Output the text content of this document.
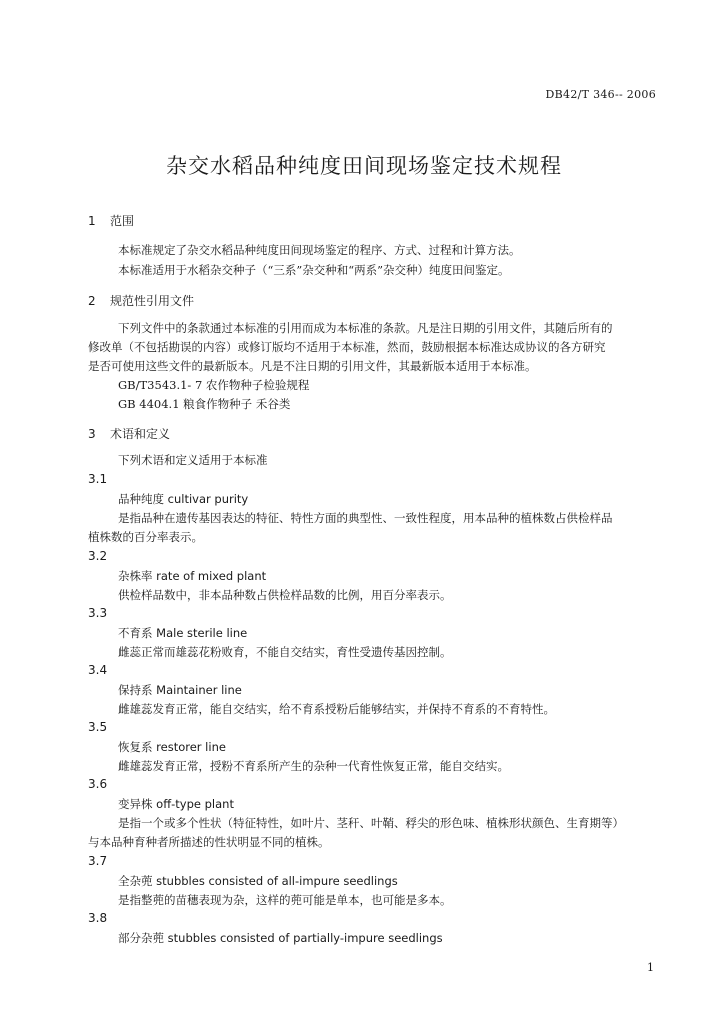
DB42/T 346-- 2006
杂交水稻品种纯度田间现场鉴定技术规程
1 范围
本标准规定了杂交水稻品种纯度田间现场鉴定的程序、方式、过程和计算方法。
本标准适用于水稻杂交种子（“三系”杂交种和“两系”杂交种）纯度田间鉴定。
2 规范性引用文件
下列文件中的条款通过本标准的引用而成为本标准的条款。凡是注日期的引用文件，其随后所有的
修改单（不包括勘误的内容）或修订版均不适用于本标准，然而，鼓励根据本标准达成协议的各方研究
是否可使用这些文件的最新版本。凡是不注日期的引用文件，其最新版本适用于本标准。
GB/T3543.1- 7 农作物种子检验规程
GB 4404.1 粮食作物种子 禾谷类
3 术语和定义
下列术语和定义适用于本标准
3.1
品种纯度 cultivar purity
是指品种在遗传基因表达的特征、特性方面的典型性、一致性程度，用本品种的植株数占供检样品
植株数的百分率表示。
3.2
杂株率 rate of mixed plant
供检样品数中，非本品种数占供检样品数的比例，用百分率表示。
3.3
不育系 Male sterile line
雌蕊正常而雄蕊花粉败育，不能自交结实，育性受遗传基因控制。
3.4
保持系 Maintainer line
雌雄蕊发育正常，能自交结实，给不育系授粉后能够结实，并保持不育系的不育特性。
3.5
恢复系 restorer line
雌雄蕊发育正常，授粉不育系所产生的杂种一代育性恢复正常，能自交结实。
3.6
变异株 off-type plant
是指一个或多个性状（特征特性，如叶片、茎秆、叶鞘、稃尖的形色味、植株形状颜色、生育期等）
与本品种育种者所描述的性状明显不同的植株。
3.7
全杂蔸 stubbles consisted of all-impure seedlings
是指整蔸的苗穗表现为杂，这样的蔸可能是单本，也可能是多本。
3.8
部分杂蔸 stubbles consisted of partially-impure seedlings
1
